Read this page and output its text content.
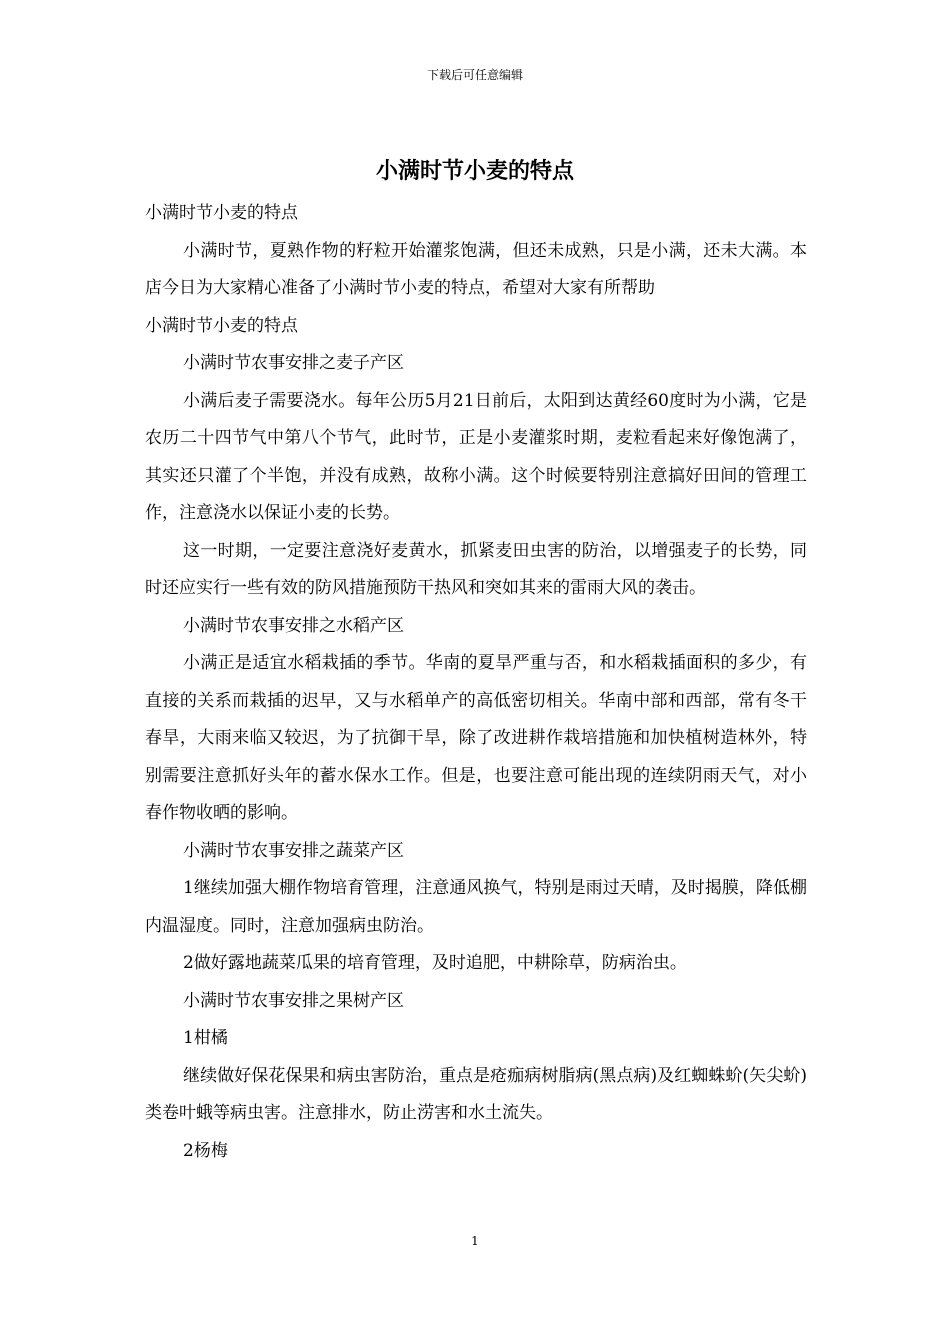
下载后可任意编辑
小满时节小麦的特点

小满时节小麦的特点

小满时节，夏熟作物的籽粒开始灌浆饱满，但还未成熟，只是小满，还未大满。本店今日为大家精心准备了小满时节小麦的特点，希望对大家有所帮助

小满时节小麦的特点

小满时节农事安排之麦子产区

小满后麦子需要浇水。每年公历5月21日前后，太阳到达黄经60度时为小满，它是农历二十四节气中第八个节气，此时节，正是小麦灌浆时期，麦粒看起来好像饱满了，其实还只灌了个半饱，并没有成熟，故称小满。这个时候要特别注意搞好田间的管理工作，注意浇水以保证小麦的长势。

这一时期，一定要注意浇好麦黄水，抓紧麦田虫害的防治，以增强麦子的长势，同时还应实行一些有效的防风措施预防干热风和突如其来的雷雨大风的袭击。

小满时节农事安排之水稻产区

小满正是适宜水稻栽插的季节。华南的夏旱严重与否，和水稻栽插面积的多少，有直接的关系而栽插的迟早，又与水稻单产的高低密切相关。华南中部和西部，常有冬干春旱，大雨来临又较迟，为了抗御干旱，除了改进耕作栽培措施和加快植树造林外，特别需要注意抓好头年的蓄水保水工作。但是，也要注意可能出现的连续阴雨天气，对小春作物收晒的影响。

小满时节农事安排之蔬菜产区

1继续加强大棚作物培育管理，注意通风换气，特别是雨过天晴，及时揭膜，降低棚内温湿度。同时，注意加强病虫防治。

2做好露地蔬菜瓜果的培育管理，及时追肥，中耕除草，防病治虫。

小满时节农事安排之果树产区

1柑橘

继续做好保花保果和病虫害防治，重点是疮痂病树脂病(黑点病)及红蜘蛛蚧(矢尖蚧)类卷叶蛾等病虫害。注意排水，防止涝害和水土流失。

2杨梅

1
